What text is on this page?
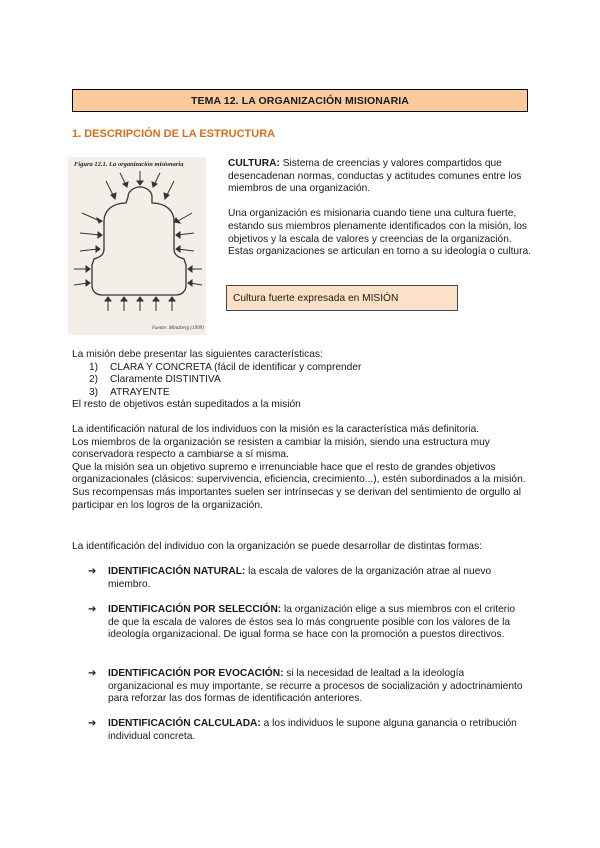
TEMA 12. LA ORGANIZACIÓN MISIONARIA
1. DESCRIPCIÓN DE LA ESTRUCTURA
Figura 12.1. La organización misionaria
Fuente: Mintzberg (1999)

CULTURA: Sistema de creencias y valores compartidos que desencadenan normas, conductas y actitudes comunes entre los miembros de una organización.

Una organización es misionaria cuando tiene una cultura fuerte, estando sus miembros plenamente identificados con la misión, los objetivos y la escala de valores y creencias de la organización. Estas organizaciones se articulan en torno a su ideología o cultura.

Cultura fuerte expresada en MISIÓN

La misión debe presentar las siguientes características:

1) CLARA Y CONCRETA (fácil de identificar y comprender
2) Claramente DISTINTIVA
3) ATRAYENTE

El resto de objetivos están supeditados a la misión

La identificación natural de los individuos con la misión es la característica más definitoria.

Los miembros de la organización se resisten a cambiar la misión, siendo una estructura muy conservadora respecto a cambiarse a sí misma.

Que la misión sea un objetivo supremo e irrenunciable hace que el resto de grandes objetivos organizacionales (clásicos: supervivencia, eficiencia, crecimiento...), estén subordinados a la misión.

Sus recompensas más importantes suelen ser intrínsecas y se derivan del sentimiento de orgullo al participar en los logros de la organización.

La identificación del individuo con la organización se puede desarrollar de distintas formas:
➔ IDENTIFICACIÓN NATURAL: la escala de valores de la organización atrae al nuevo miembro.
➔ IDENTIFICACIÓN POR SELECCIÓN: la organización elige a sus miembros con el criterio de que la escala de valores de éstos sea lo más congruente posible con los valores de la ideología organizacional. De igual forma se hace con la promoción a puestos directivos.
➔ IDENTIFICACIÓN POR EVOCACIÓN: si la necesidad de lealtad a la ideología organizacional es muy importante, se recurre a procesos de socialización y adoctrinamiento para reforzar las dos formas de identificación anteriores.
➔ IDENTIFICACIÓN CALCULADA: a los individuos le supone alguna ganancia o retribución individual concreta.
